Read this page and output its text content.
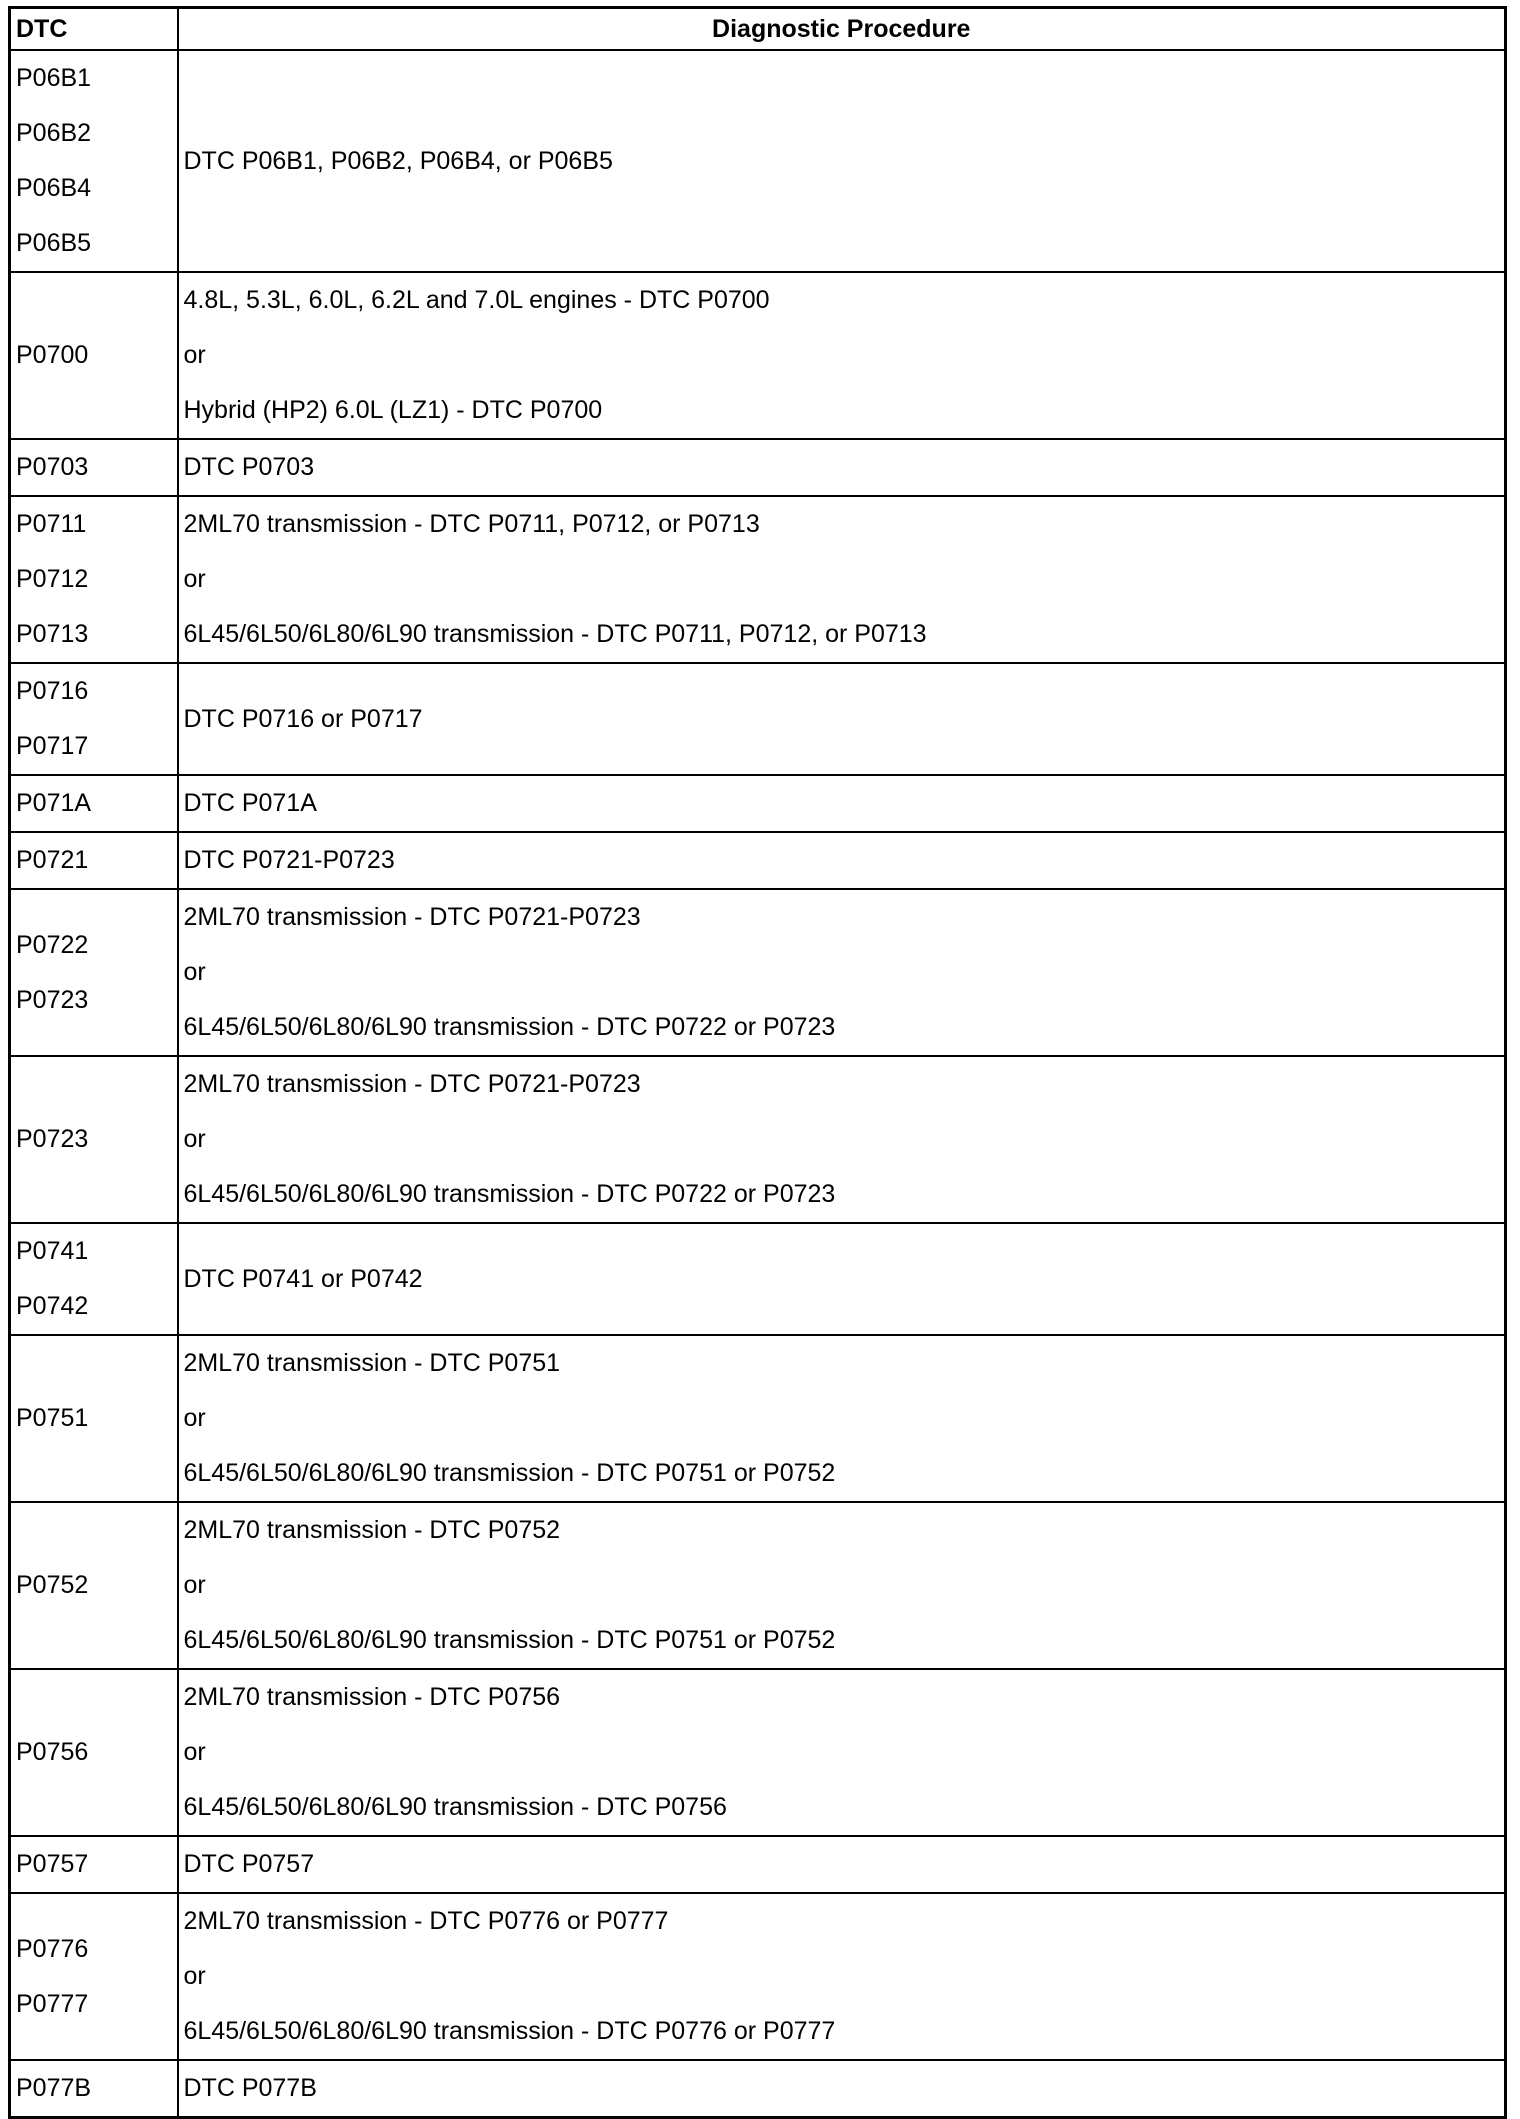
DTC	Diagnostic Procedure

P06B1
P06B2
P06B4
P06B5	DTC P06B1, P06B2, P06B4, or P06B5

P0700	4.8L, 5.3L, 6.0L, 6.2L and 7.0L engines - DTC P0700
or
Hybrid (HP2) 6.0L (LZ1) - DTC P0700

P0703	DTC P0703

P0711
P0712
P0713	2ML70 transmission - DTC P0711, P0712, or P0713
or
6L45/6L50/6L80/6L90 transmission - DTC P0711, P0712, or P0713

P0716
P0717	DTC P0716 or P0717

P071A	DTC P071A

P0721	DTC P0721-P0723

P0722
P0723	2ML70 transmission - DTC P0721-P0723
or
6L45/6L50/6L80/6L90 transmission - DTC P0722 or P0723

P0723	2ML70 transmission - DTC P0721-P0723
or
6L45/6L50/6L80/6L90 transmission - DTC P0722 or P0723

P0741
P0742	DTC P0741 or P0742

P0751	2ML70 transmission - DTC P0751
or
6L45/6L50/6L80/6L90 transmission - DTC P0751 or P0752

P0752	2ML70 transmission - DTC P0752
or
6L45/6L50/6L80/6L90 transmission - DTC P0751 or P0752

P0756	2ML70 transmission - DTC P0756
or
6L45/6L50/6L80/6L90 transmission - DTC P0756

P0757	DTC P0757

P0776
P0777	2ML70 transmission - DTC P0776 or P0777
or
6L45/6L50/6L80/6L90 transmission - DTC P0776 or P0777

P077B	DTC P077B
